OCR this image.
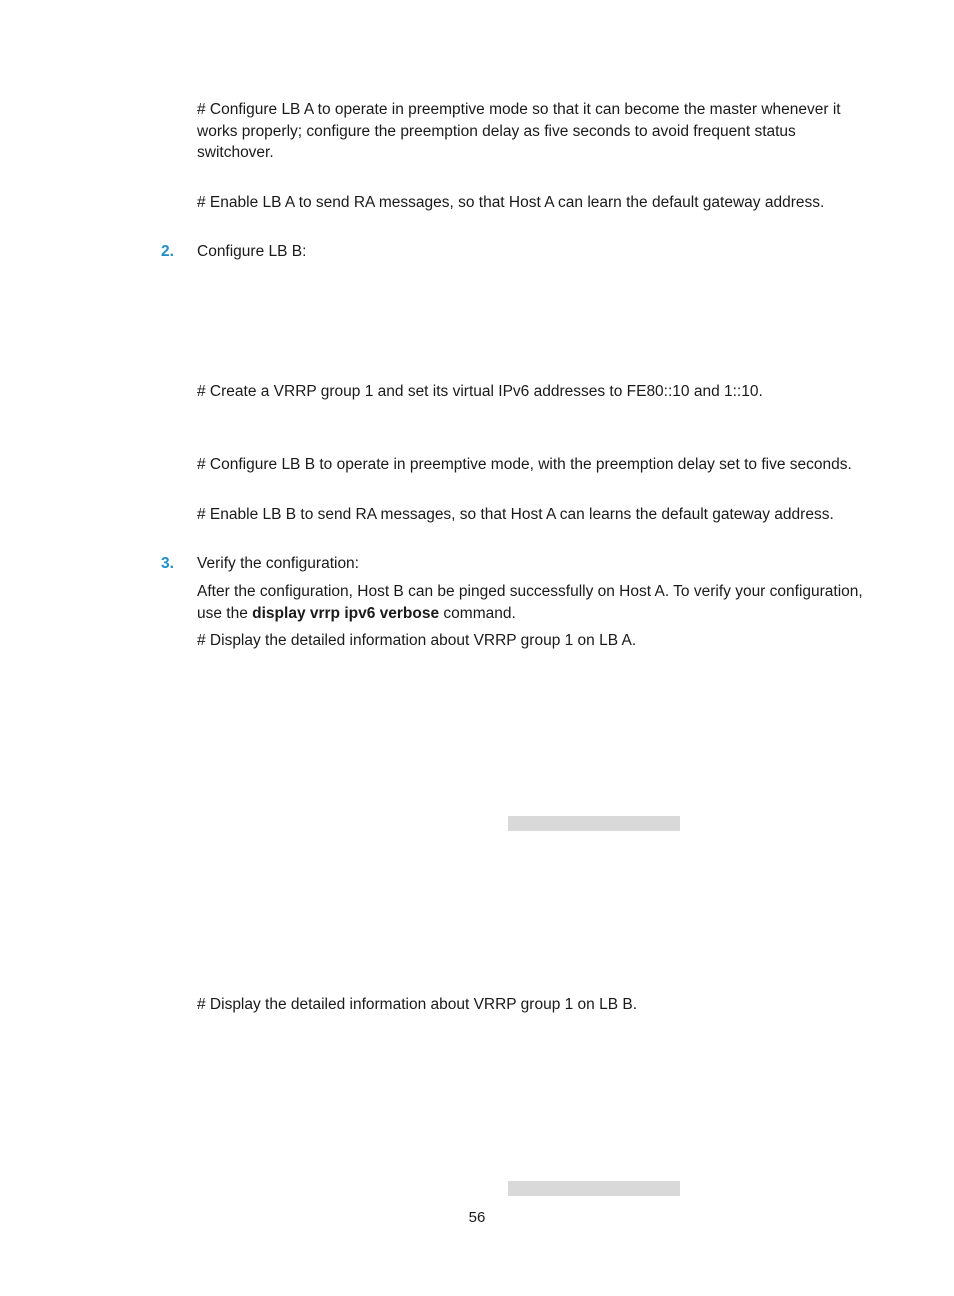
# Configure LB A to operate in preemptive mode so that it can become the master whenever it works properly; configure the preemption delay as five seconds to avoid frequent status switchover.

# Enable LB A to send RA messages, so that Host A can learn the default gateway address.

2. Configure LB B:

# Create a VRRP group 1 and set its virtual IPv6 addresses to FE80::10 and 1::10.

# Configure LB B to operate in preemptive mode, with the preemption delay set to five seconds.

# Enable LB B to send RA messages, so that Host A can learns the default gateway address.

3. Verify the configuration:

After the configuration, Host B can be pinged successfully on Host A. To verify your configuration, use the display vrrp ipv6 verbose command.

# Display the detailed information about VRRP group 1 on LB A.

# Display the detailed information about VRRP group 1 on LB B.

56
